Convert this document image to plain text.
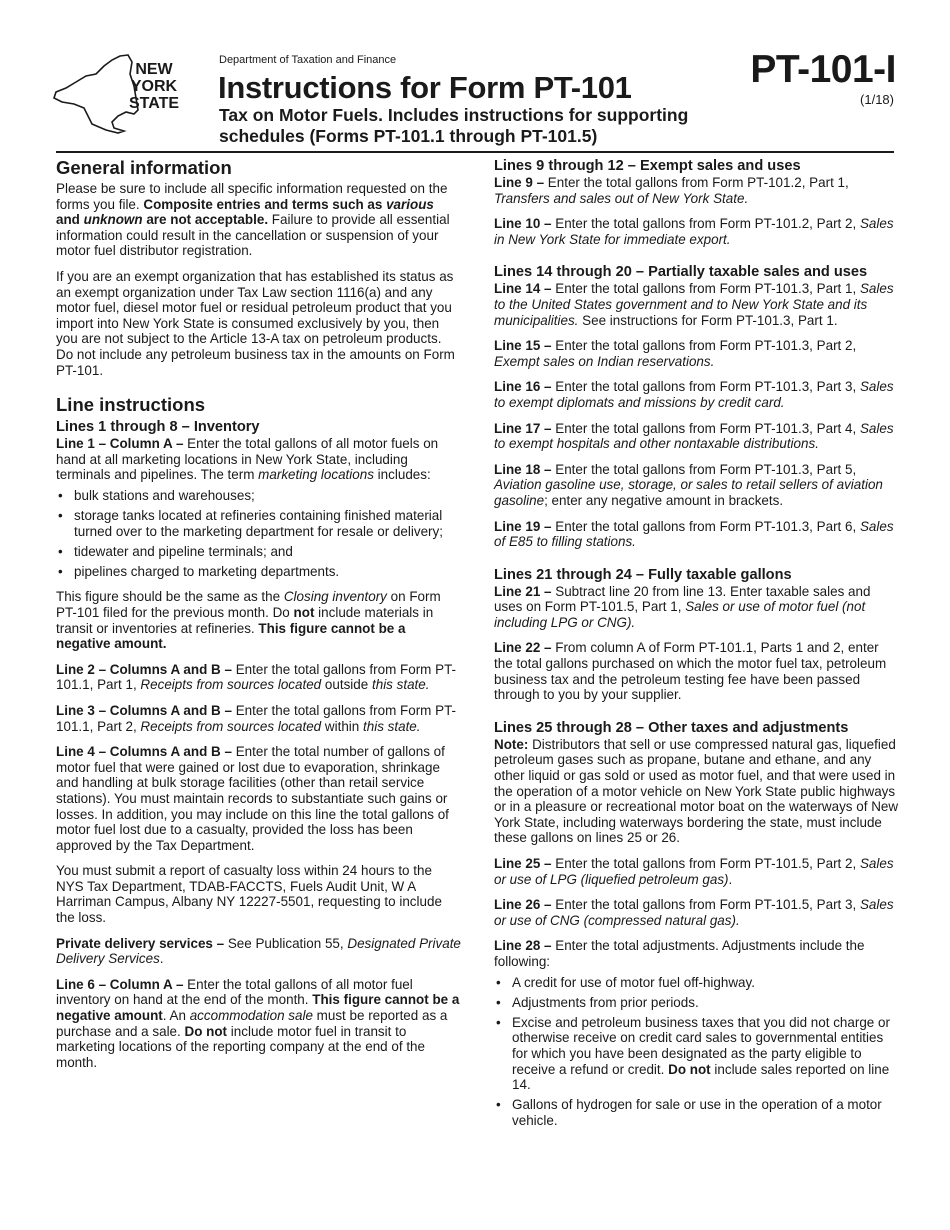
NEW
YORK
STATE
Department of Taxation and Finance
Instructions for Form PT-101
Tax on Motor Fuels. Includes instructions for supporting schedules (Forms PT-101.1 through PT-101.5)
PT-101-I
(1/18)
General information

Please be sure to include all specific information requested on the forms you file. Composite entries and terms such as various and unknown are not acceptable. Failure to provide all essential information could result in the cancellation or suspension of your motor fuel distributor registration.

If you are an exempt organization that has established its status as an exempt organization under Tax Law section 1116(a) and any motor fuel, diesel motor fuel or residual petroleum product that you import into New York State is consumed exclusively by you, then you are not subject to the Article 13-A tax on petroleum products. Do not include any petroleum business tax in the amounts on Form PT-101.

Line instructions
Lines 1 through 8 – Inventory

Line 1 – Column A – Enter the total gallons of all motor fuels on hand at all marketing locations in New York State, including terminals and pipelines. The term marketing locations includes:

• bulk stations and warehouses;
• storage tanks located at refineries containing finished material turned over to the marketing department for resale or delivery;
• tidewater and pipeline terminals; and
• pipelines charged to marketing departments.

This figure should be the same as the Closing inventory on Form PT-101 filed for the previous month. Do not include materials in transit or inventories at refineries. This figure cannot be a negative amount.

Line 2 – Columns A and B – Enter the total gallons from Form PT-101.1, Part 1, Receipts from sources located outside this state.

Line 3 – Columns A and B – Enter the total gallons from Form PT-101.1, Part 2, Receipts from sources located within this state.

Line 4 – Columns A and B – Enter the total number of gallons of motor fuel that were gained or lost due to evaporation, shrinkage and handling at bulk storage facilities (other than retail service stations). You must maintain records to substantiate such gains or losses. In addition, you may include on this line the total gallons of motor fuel lost due to a casualty, provided the loss has been approved by the Tax Department.

You must submit a report of casualty loss within 24 hours to the NYS Tax Department, TDAB-FACCTS, Fuels Audit Unit, W A Harriman Campus, Albany NY 12227-5501, requesting to include the loss.

Private delivery services – See Publication 55, Designated Private Delivery Services.

Line 6 – Column A – Enter the total gallons of all motor fuel inventory on hand at the end of the month. This figure cannot be a negative amount. An accommodation sale must be reported as a purchase and a sale. Do not include motor fuel in transit to marketing locations of the reporting company at the end of the month.

Lines 9 through 12 – Exempt sales and uses

Line 9 – Enter the total gallons from Form PT-101.2, Part 1, Transfers and sales out of New York State.

Line 10 – Enter the total gallons from Form PT-101.2, Part 2, Sales in New York State for immediate export.

Lines 14 through 20 – Partially taxable sales and uses

Line 14 – Enter the total gallons from Form PT-101.3, Part 1, Sales to the United States government and to New York State and its municipalities. See instructions for Form PT-101.3, Part 1.

Line 15 – Enter the total gallons from Form PT-101.3, Part 2, Exempt sales on Indian reservations.

Line 16 – Enter the total gallons from Form PT-101.3, Part 3, Sales to exempt diplomats and missions by credit card.

Line 17 – Enter the total gallons from Form PT-101.3, Part 4, Sales to exempt hospitals and other nontaxable distributions.

Line 18 – Enter the total gallons from Form PT-101.3, Part 5, Aviation gasoline use, storage, or sales to retail sellers of aviation gasoline; enter any negative amount in brackets.

Line 19 – Enter the total gallons from Form PT-101.3, Part 6, Sales of E85 to filling stations.

Lines 21 through 24 – Fully taxable gallons

Line 21 – Subtract line 20 from line 13. Enter taxable sales and uses on Form PT-101.5, Part 1, Sales or use of motor fuel (not including LPG or CNG).

Line 22 – From column A of Form PT-101.1, Parts 1 and 2, enter the total gallons purchased on which the motor fuel tax, petroleum business tax and the petroleum testing fee have been passed through to you by your supplier.

Lines 25 through 28 – Other taxes and adjustments

Note: Distributors that sell or use compressed natural gas, liquefied petroleum gases such as propane, butane and ethane, and any other liquid or gas sold or used as motor fuel, and that were used in the operation of a motor vehicle on New York State public highways or in a pleasure or recreational motor boat on the waterways of New York State, including waterways bordering the state, must include these gallons on lines 25 or 26.

Line 25 – Enter the total gallons from Form PT-101.5, Part 2, Sales or use of LPG (liquefied petroleum gas).

Line 26 – Enter the total gallons from Form PT-101.5, Part 3, Sales or use of CNG (compressed natural gas).

Line 28 – Enter the total adjustments. Adjustments include the following:

• A credit for use of motor fuel off-highway.
• Adjustments from prior periods.
• Excise and petroleum business taxes that you did not charge or otherwise receive on credit card sales to governmental entities for which you have been designated as the party eligible to receive a refund or credit. Do not include sales reported on line 14.
• Gallons of hydrogen for sale or use in the operation of a motor vehicle.
